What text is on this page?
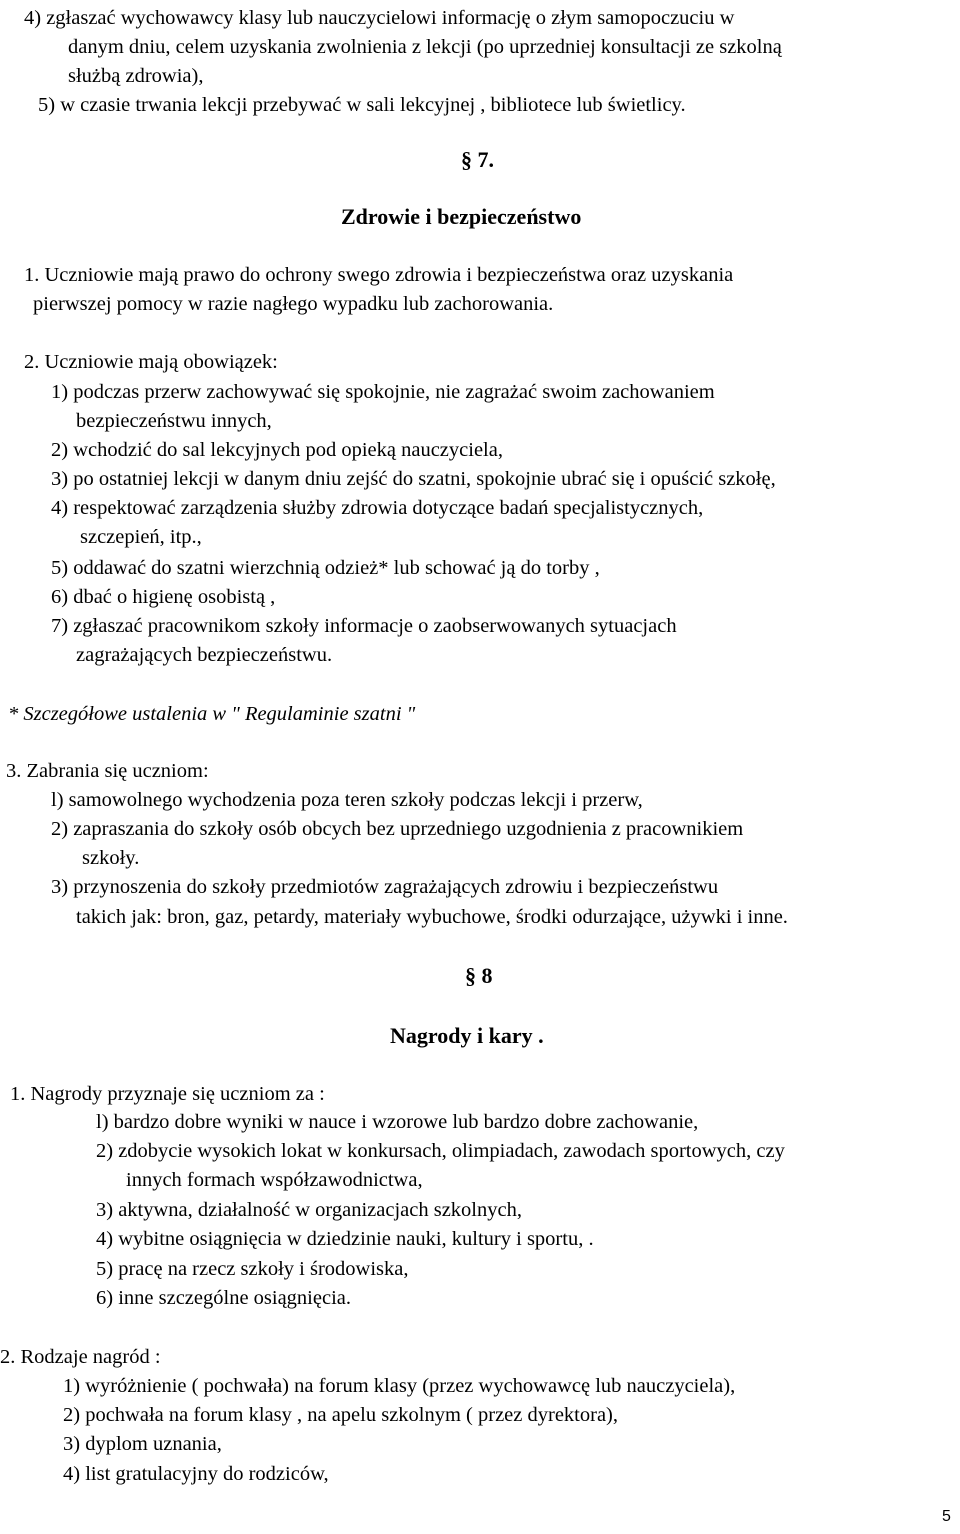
4) zgłaszać wychowawcy klasy lub nauczycielowi informację o złym samopoczuciu w
danym dniu, celem uzyskania zwolnienia z lekcji (po uprzedniej konsultacji ze szkolną
służbą zdrowia),
5) w czasie trwania lekcji przebywać w sali lekcyjnej , bibliotece lub świetlicy.
§ 7.
Zdrowie i bezpieczeństwo
1. Uczniowie mają prawo do ochrony swego zdrowia i bezpieczeństwa oraz uzyskania
pierwszej pomocy w razie nagłego wypadku lub zachorowania.
2. Uczniowie mają obowiązek:
1) podczas przerw zachowywać się spokojnie, nie zagrażać swoim zachowaniem
bezpieczeństwu innych,
2) wchodzić do sal lekcyjnych pod opieką nauczyciela,
3) po ostatniej lekcji w danym dniu zejść do szatni, spokojnie ubrać się i opuścić szkołę,
4) respektować zarządzenia służby zdrowia dotyczące badań specjalistycznych,
szczepień, itp.,
5) oddawać do szatni wierzchnią odzież* lub schować ją do torby ,
6) dbać o higienę osobistą ,
7) zgłaszać pracownikom szkoły informacje o zaobserwowanych sytuacjach
zagrażających bezpieczeństwu.
* Szczegółowe ustalenia w " Regulaminie szatni "
3. Zabrania się uczniom:
l) samowolnego wychodzenia poza teren szkoły podczas lekcji i przerw,
2) zapraszania do szkoły osób obcych bez uprzedniego uzgodnienia z pracownikiem
szkoły.
3) przynoszenia do szkoły przedmiotów zagrażających zdrowiu i bezpieczeństwu
takich jak: bron, gaz, petardy, materiały wybuchowe, środki odurzające, używki i inne.
§ 8
Nagrody i kary .
1. Nagrody przyznaje się uczniom za :
l) bardzo dobre wyniki w nauce i wzorowe lub bardzo dobre zachowanie,
2) zdobycie wysokich lokat w konkursach, olimpiadach, zawodach sportowych, czy
innych formach współzawodnictwa,
3) aktywna, działalność w organizacjach szkolnych,
4) wybitne osiągnięcia w dziedzinie nauki, kultury i sportu, .
5) pracę na rzecz szkoły i środowiska,
6) inne szczególne osiągnięcia.
2. Rodzaje nagród :
1) wyróżnienie ( pochwała) na forum klasy (przez wychowawcę lub nauczyciela),
2) pochwała na forum klasy , na apelu szkolnym ( przez dyrektora),
3) dyplom uznania,
4) list gratulacyjny do rodziców,
5
